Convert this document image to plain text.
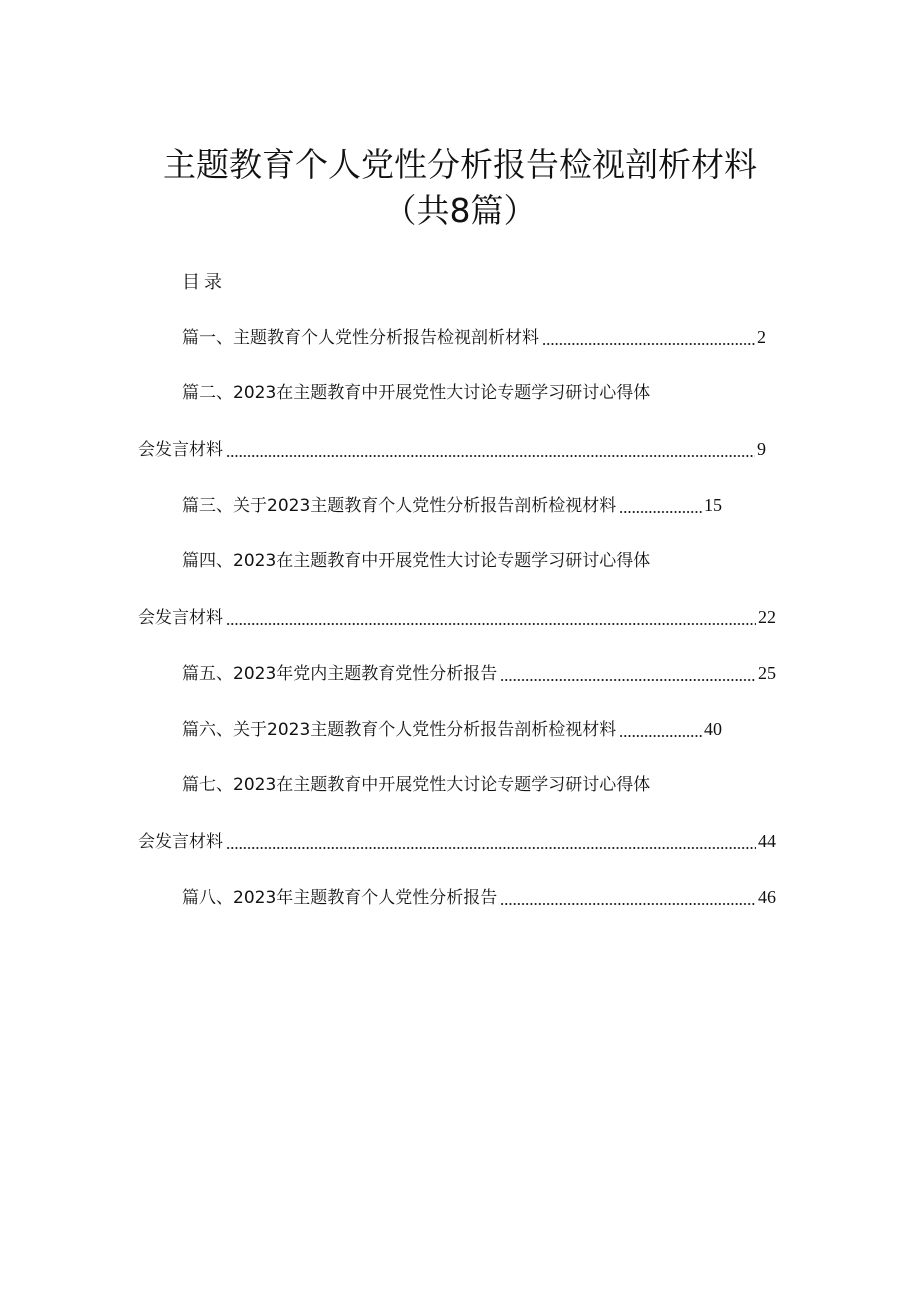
主题教育个人党性分析报告检视剖析材料
（共8篇）
目录
篇一、主题教育个人党性分析报告检视剖析材料	2
篇二、2023在主题教育中开展党性大讨论专题学习研讨心得体
会发言材料	9
篇三、关于2023主题教育个人党性分析报告剖析检视材料	15
篇四、2023在主题教育中开展党性大讨论专题学习研讨心得体
会发言材料	22
篇五、2023年党内主题教育党性分析报告	25
篇六、关于2023主题教育个人党性分析报告剖析检视材料	40
篇七、2023在主题教育中开展党性大讨论专题学习研讨心得体
会发言材料	44
篇八、2023年主题教育个人党性分析报告	46
